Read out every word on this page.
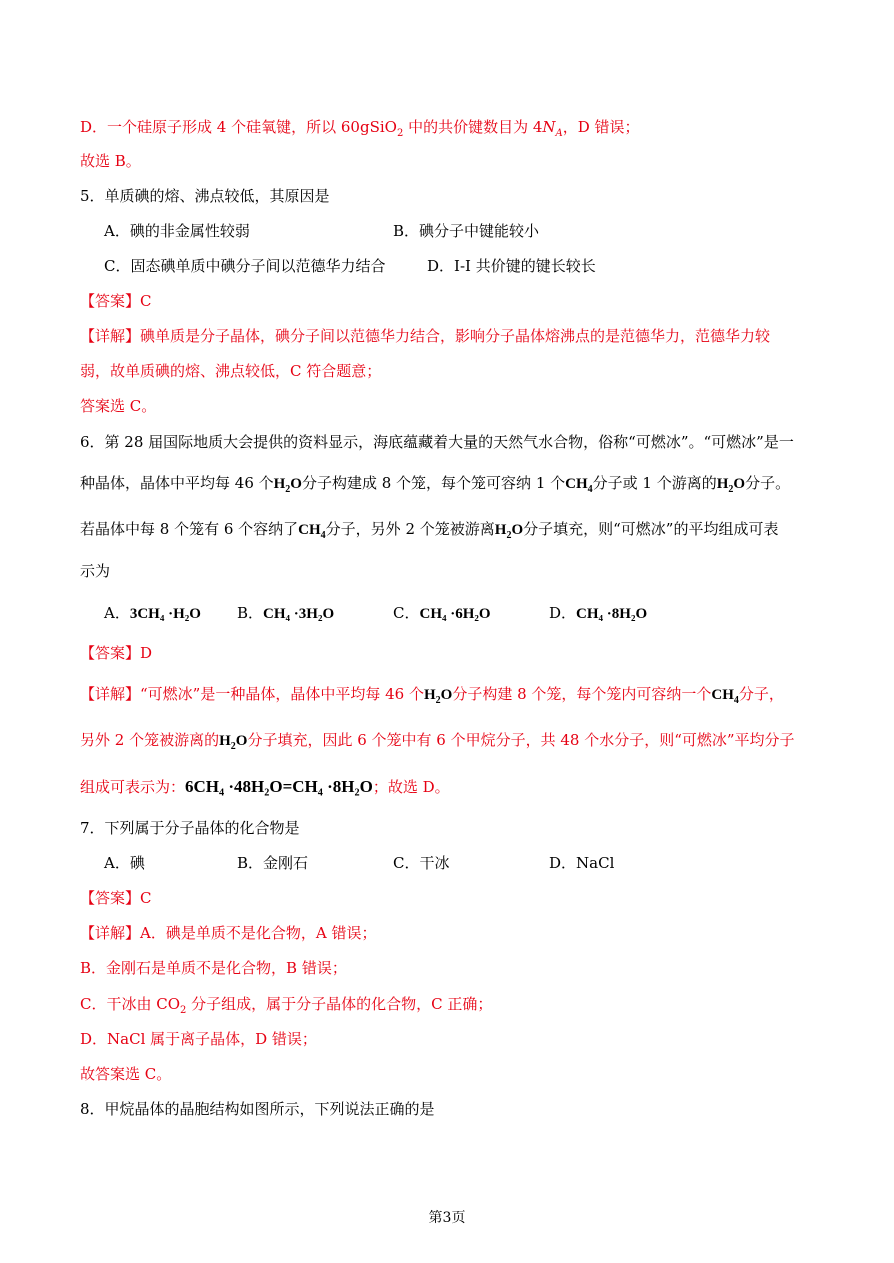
D．一个硅原子形成 4 个硅氧键，所以 60gSiO$_2$ 中的共价键数目为 $4N_A$，D 错误；
故选 B。
5．单质碘的熔、沸点较低，其原因是
A．碘的非金属性较弱	B．碘分子中键能较小
C．固态碘单质中碘分子间以范德华力结合	D．I-I 共价键的键长较长
【答案】C
【详解】碘单质是分子晶体，碘分子间以范德华力结合，影响分子晶体熔沸点的是范德华力，范德华力较
弱，故单质碘的熔、沸点较低，C 符合题意；
答案选 C。
6．第 28 届国际地质大会提供的资料显示，海底蕴藏着大量的天然气水合物，俗称“可燃冰”。“可燃冰”是一
种晶体，晶体中平均每 46 个$H_2O$分子构建成 8 个笼，每个笼可容纳 1 个$CH_4$分子或 1 个游离的$H_2O$分子。
若晶体中每 8 个笼有 6 个容纳了$CH_4$分子，另外 2 个笼被游离$H_2O$分子填充，则“可燃冰”的平均组成可表
示为
A．3CH₄ ·H₂O B．CH₄ ·3H₂O	C．CH₄ ·6H₂O	D．CH₄ ·8H₂O
【答案】D
【详解】“可燃冰”是一种晶体，晶体中平均每 46 个$H_2O$分子构建 8 个笼，每个笼内可容纳一个$CH_4$分子，
另外 2 个笼被游离的$H_2O$分子填充，因此 6 个笼中有 6 个甲烷分子，共 48 个水分子，则“可燃冰”平均分子
组成可表示为：6CH₄ ·48H₂O=CH₄ ·8H₂O；故选 D。
7．下列属于分子晶体的化合物是
A．碘	B．金刚石	C．干冰	D．NaCl
【答案】C
【详解】A．碘是单质不是化合物，A 错误；
B．金刚石是单质不是化合物，B 错误；
C．干冰由 $CO_2$ 分子组成，属于分子晶体的化合物，C 正确；
D．NaCl 属于离子晶体，D 错误；
故答案选 C。
8．甲烷晶体的晶胞结构如图所示，下列说法正确的是
第3页
